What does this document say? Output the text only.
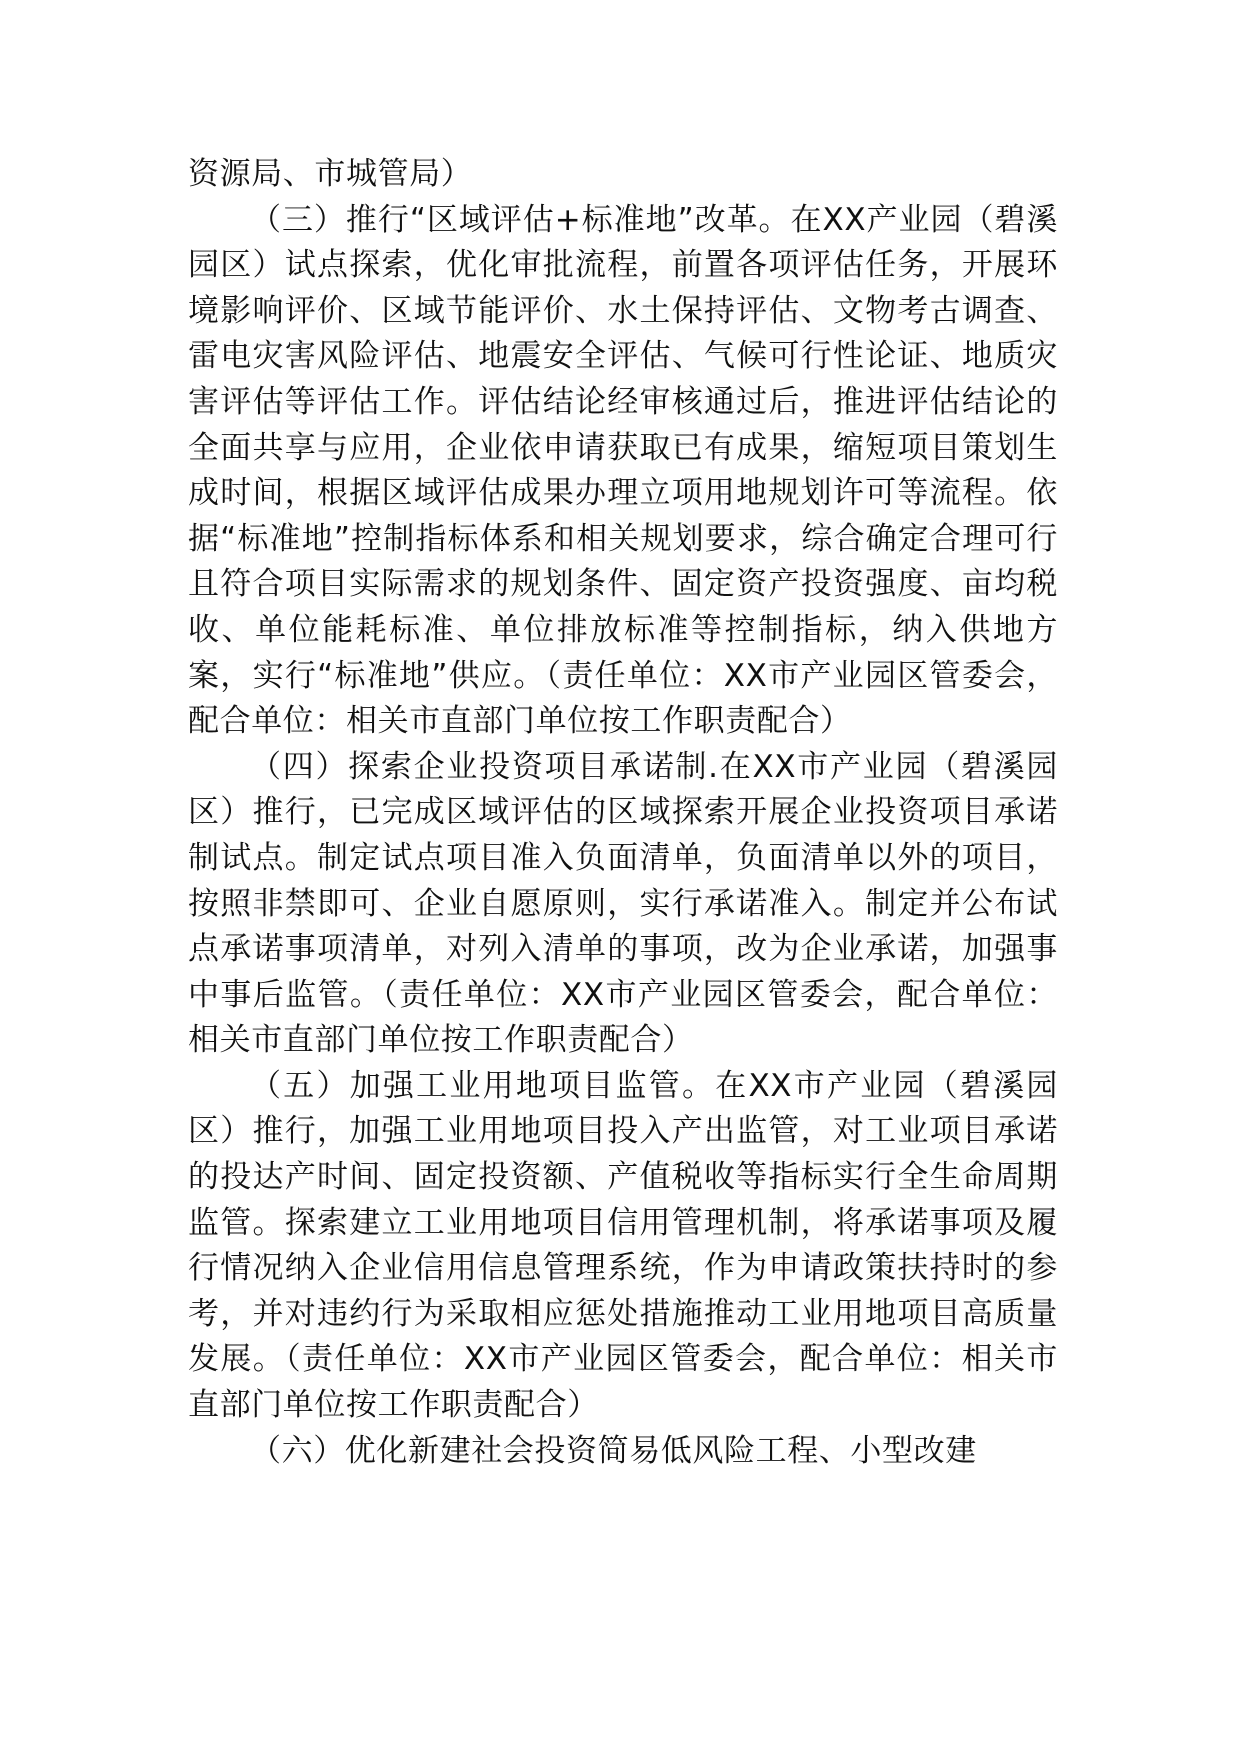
资源局、市城管局）

（三）推行“区域评估+标准地”改革。在XX产业园（碧溪园区）试点探索，优化审批流程，前置各项评估任务，开展环境影响评价、区域节能评价、水土保持评估、文物考古调查、雷电灾害风险评估、地震安全评估、气候可行性论证、地质灾害评估等评估工作。评估结论经审核通过后，推进评估结论的全面共享与应用，企业依申请获取已有成果，缩短项目策划生成时间，根据区域评估成果办理立项用地规划许可等流程。依据“标准地”控制指标体系和相关规划要求，综合确定合理可行且符合项目实际需求的规划条件、固定资产投资强度、亩均税收、单位能耗标准、单位排放标准等控制指标，纳入供地方案，实行“标准地”供应。（责任单位：XX市产业园区管委会，配合单位：相关市直部门单位按工作职责配合）

（四）探索企业投资项目承诺制.在XX市产业园（碧溪园区）推行，已完成区域评估的区域探索开展企业投资项目承诺制试点。制定试点项目准入负面清单，负面清单以外的项目，按照非禁即可、企业自愿原则，实行承诺准入。制定并公布试点承诺事项清单，对列入清单的事项，改为企业承诺，加强事中事后监管。（责任单位：XX市产业园区管委会，配合单位：相关市直部门单位按工作职责配合）

（五）加强工业用地项目监管。在XX市产业园（碧溪园区）推行，加强工业用地项目投入产出监管，对工业项目承诺的投达产时间、固定投资额、产值税收等指标实行全生命周期监管。探索建立工业用地项目信用管理机制，将承诺事项及履行情况纳入企业信用信息管理系统，作为申请政策扶持时的参考，并对违约行为采取相应惩处措施推动工业用地项目高质量发展。（责任单位：XX市产业园区管委会，配合单位：相关市直部门单位按工作职责配合）

（六）优化新建社会投资简易低风险工程、小型改建
